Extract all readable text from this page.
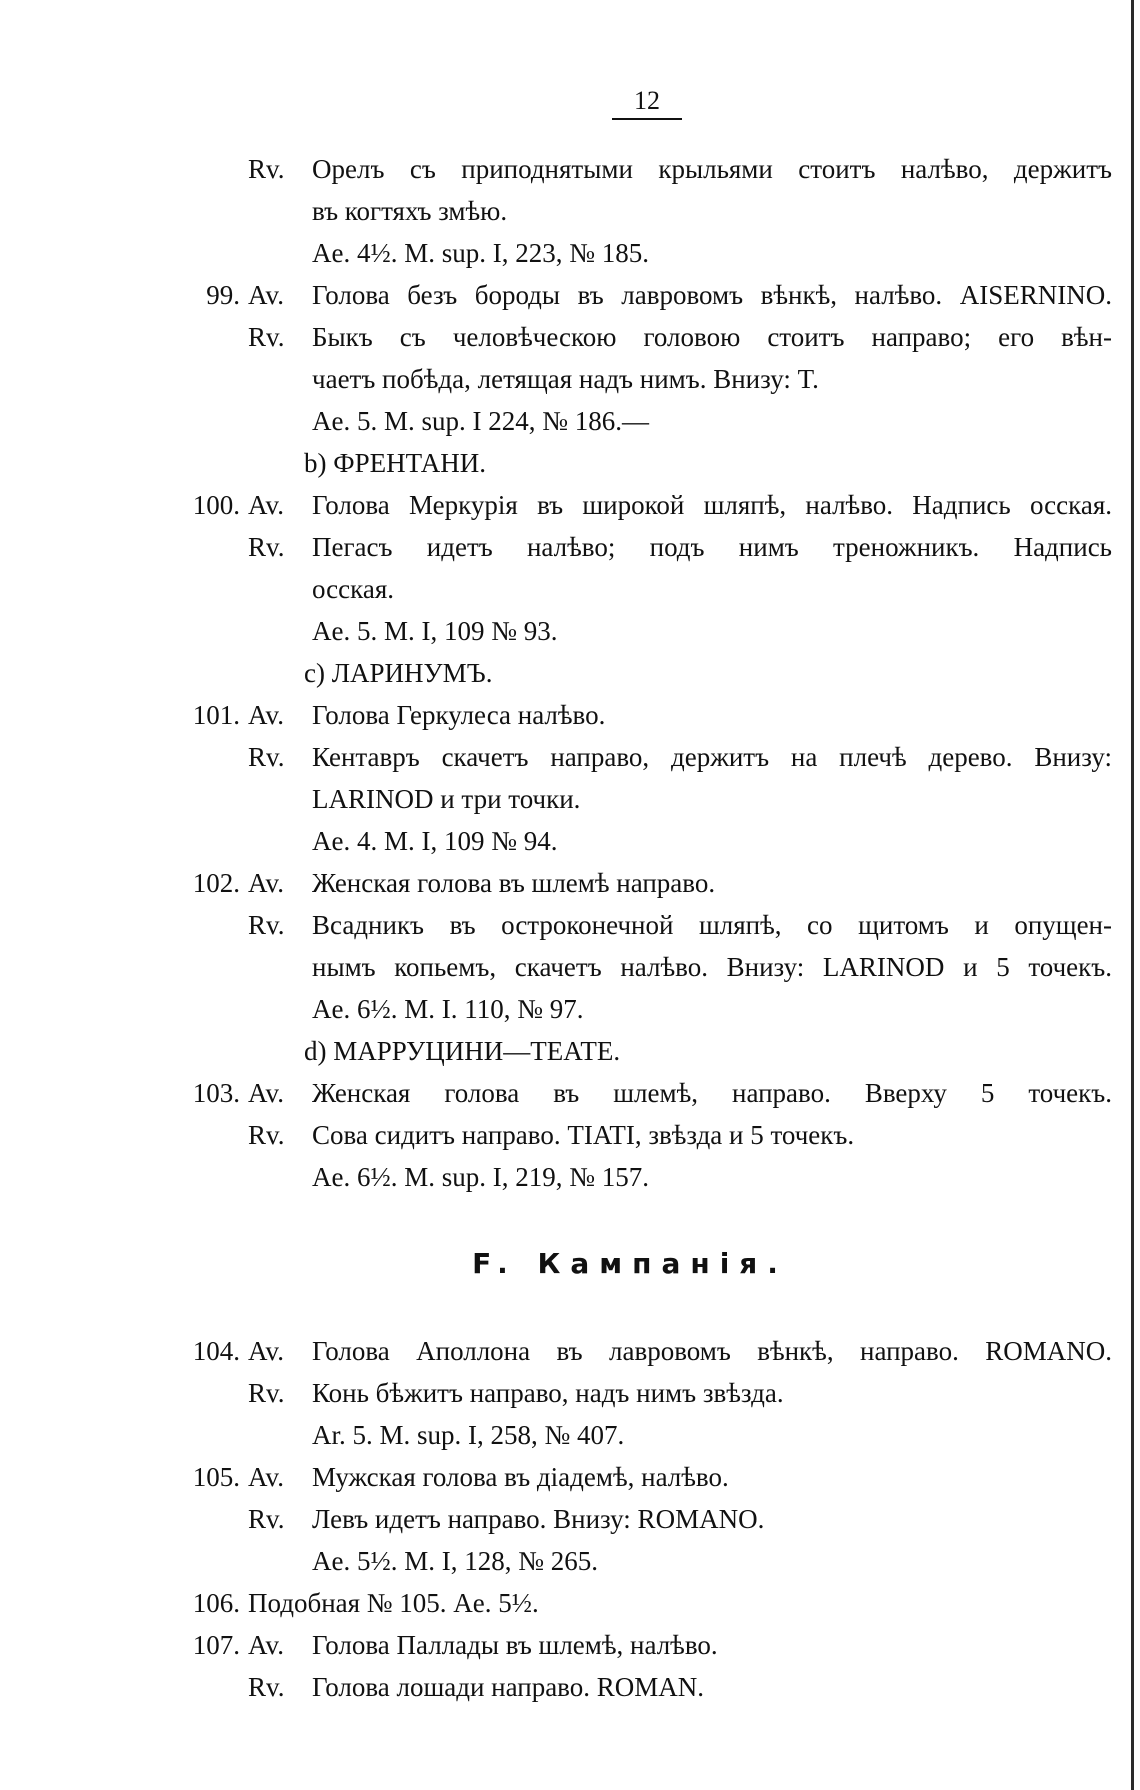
12
Rv.	Орелъ съ приподнятыми крыльями стоитъ налѣво, держитъ
въ когтяхъ змѣю.
Ae. 4½. M. sup. I, 223, № 185.
99. Av.	Голова безъ бороды въ лавровомъ вѣнкѣ, налѣво. AISERNINO.
Rv.	Быкъ съ человѣческою головою стоитъ направо; его вѣн-
чаетъ побѣда, летящая надъ нимъ. Внизу: T.
Ae. 5. M. sup. I 224, № 186.—
b) ФРЕНТАНИ.
100. Av.	Голова Меркурія въ широкой шляпѣ, налѣво. Надпись осская.
Rv.	Пегасъ идетъ налѣво; подъ нимъ треножникъ. Надпись
осская.
Ae. 5. M. I, 109 № 93.
c) ЛАРИНУМЪ.
101. Av.	Голова Геркулеса налѣво.
Rv.	Кентавръ скачетъ направо, держитъ на плечѣ дерево. Внизу:
LARINOD и три точки.
Ae. 4. M. I, 109 № 94.
102. Av.	Женская голова въ шлемѣ направо.
Rv.	Всадникъ въ остроконечной шляпѣ, со щитомъ и опущен-
нымъ копьемъ, скачетъ налѣво. Внизу: LARINOD и 5 точекъ.
Ae. 6½. M. I. 110, № 97.
d) МАРРУЦИНИ—ТЕАТЕ.
103. Av.	Женская голова въ шлемѣ, направо. Вверху 5 точекъ.
Rv.	Сова сидитъ направо. TIATI, звѣзда и 5 точекъ.
Ae. 6½. M. sup. I, 219, № 157.
F. Кампанія.
104. Av.	Голова Аполлона въ лавровомъ вѣнкѣ, направо. ROMANO.
Rv.	Конь бѣжитъ направо, надъ нимъ звѣзда.
Ar. 5. M. sup. I, 258, № 407.
105. Av.	Мужская голова въ діадемѣ, налѣво.
Rv.	Левъ идетъ направо. Внизу: ROMANO.
Ae. 5½. M. I, 128, № 265.
106. Подобная № 105. Ae. 5½.
107. Av.	Голова Паллады въ шлемѣ, налѣво.
Rv.	Голова лошади направо. ROMAN.
